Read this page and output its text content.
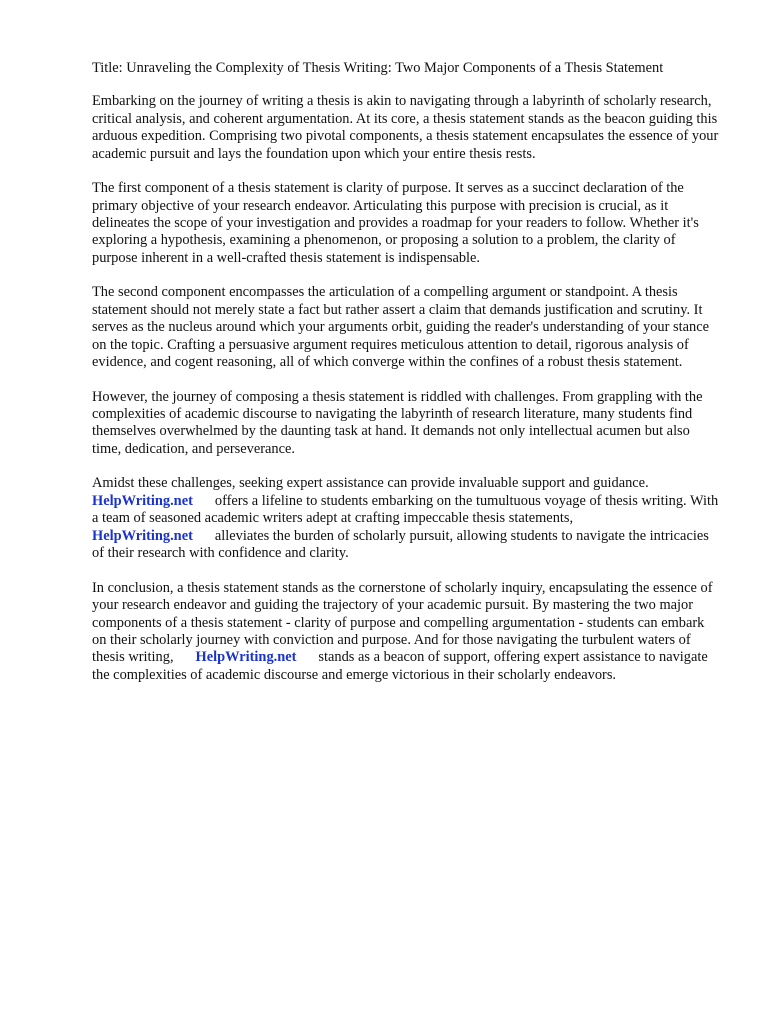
Title: Unraveling the Complexity of Thesis Writing: Two Major Components of a Thesis Statement

Embarking on the journey of writing a thesis is akin to navigating through a labyrinth of scholarly research, critical analysis, and coherent argumentation. At its core, a thesis statement stands as the beacon guiding this arduous expedition. Comprising two pivotal components, a thesis statement encapsulates the essence of your academic pursuit and lays the foundation upon which your entire thesis rests.

The first component of a thesis statement is clarity of purpose. It serves as a succinct declaration of the primary objective of your research endeavor. Articulating this purpose with precision is crucial, as it delineates the scope of your investigation and provides a roadmap for your readers to follow. Whether it's exploring a hypothesis, examining a phenomenon, or proposing a solution to a problem, the clarity of purpose inherent in a well-crafted thesis statement is indispensable.

The second component encompasses the articulation of a compelling argument or standpoint. A thesis statement should not merely state a fact but rather assert a claim that demands justification and scrutiny. It serves as the nucleus around which your arguments orbit, guiding the reader's understanding of your stance on the topic. Crafting a persuasive argument requires meticulous attention to detail, rigorous analysis of evidence, and cogent reasoning, all of which converge within the confines of a robust thesis statement.

However, the journey of composing a thesis statement is riddled with challenges. From grappling with the complexities of academic discourse to navigating the labyrinth of research literature, many students find themselves overwhelmed by the daunting task at hand. It demands not only intellectual acumen but also time, dedication, and perseverance.

Amidst these challenges, seeking expert assistance can provide invaluable support and guidance.
HelpWriting.net offers a lifeline to students embarking on the tumultuous voyage of thesis writing. With a team of seasoned academic writers adept at crafting impeccable thesis statements,
HelpWriting.net alleviates the burden of scholarly pursuit, allowing students to navigate the intricacies of their research with confidence and clarity.

In conclusion, a thesis statement stands as the cornerstone of scholarly inquiry, encapsulating the essence of your research endeavor and guiding the trajectory of your academic pursuit. By mastering the two major components of a thesis statement - clarity of purpose and compelling argumentation - students can embark on their scholarly journey with conviction and purpose. And for those navigating the turbulent waters of thesis writing, HelpWriting.net stands as a beacon of support, offering expert assistance to navigate the complexities of academic discourse and emerge victorious in their scholarly endeavors.
